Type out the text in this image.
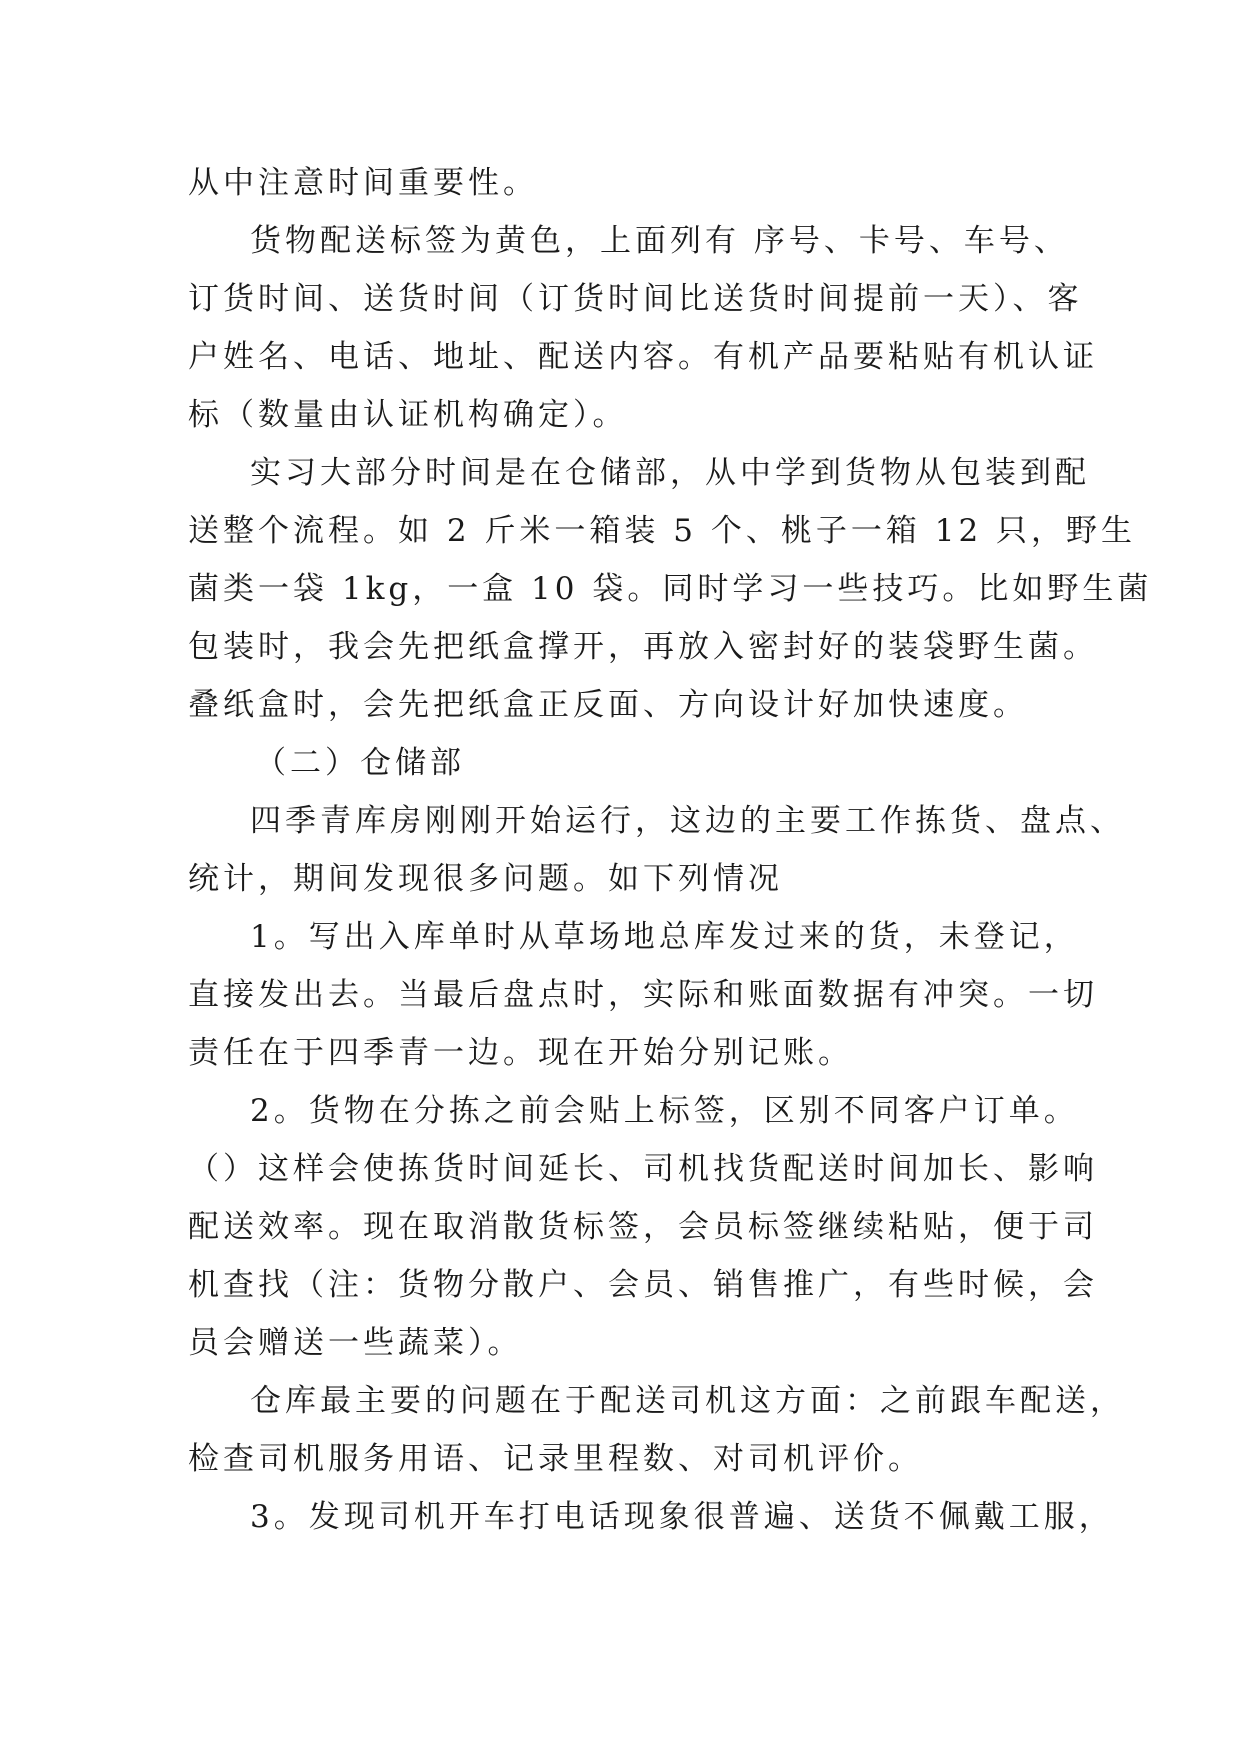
从中注意时间重要性。
货物配送标签为黄色，上面列有 序号、卡号、车号、
订货时间、送货时间（订货时间比送货时间提前一天）、客
户姓名、电话、地址、配送内容。有机产品要粘贴有机认证
标（数量由认证机构确定）。
实习大部分时间是在仓储部，从中学到货物从包装到配
送整个流程。如 2 斤米一箱装 5 个、桃子一箱 12 只，野生
菌类一袋 1kg，一盒 10 袋。同时学习一些技巧。比如野生菌
包装时，我会先把纸盒撑开，再放入密封好的装袋野生菌。
叠纸盒时，会先把纸盒正反面、方向设计好加快速度。
（二）仓储部
四季青库房刚刚开始运行，这边的主要工作拣货、盘点、
统计，期间发现很多问题。如下列情况
1。写出入库单时从草场地总库发过来的货，未登记，
直接发出去。当最后盘点时，实际和账面数据有冲突。一切
责任在于四季青一边。现在开始分别记账。
2。货物在分拣之前会贴上标签，区别不同客户订单。
（）这样会使拣货时间延长、司机找货配送时间加长、影响
配送效率。现在取消散货标签，会员标签继续粘贴，便于司
机查找（注：货物分散户、会员、销售推广，有些时候，会
员会赠送一些蔬菜）。
仓库最主要的问题在于配送司机这方面：之前跟车配送，
检查司机服务用语、记录里程数、对司机评价。
3。发现司机开车打电话现象很普遍、送货不佩戴工服，
